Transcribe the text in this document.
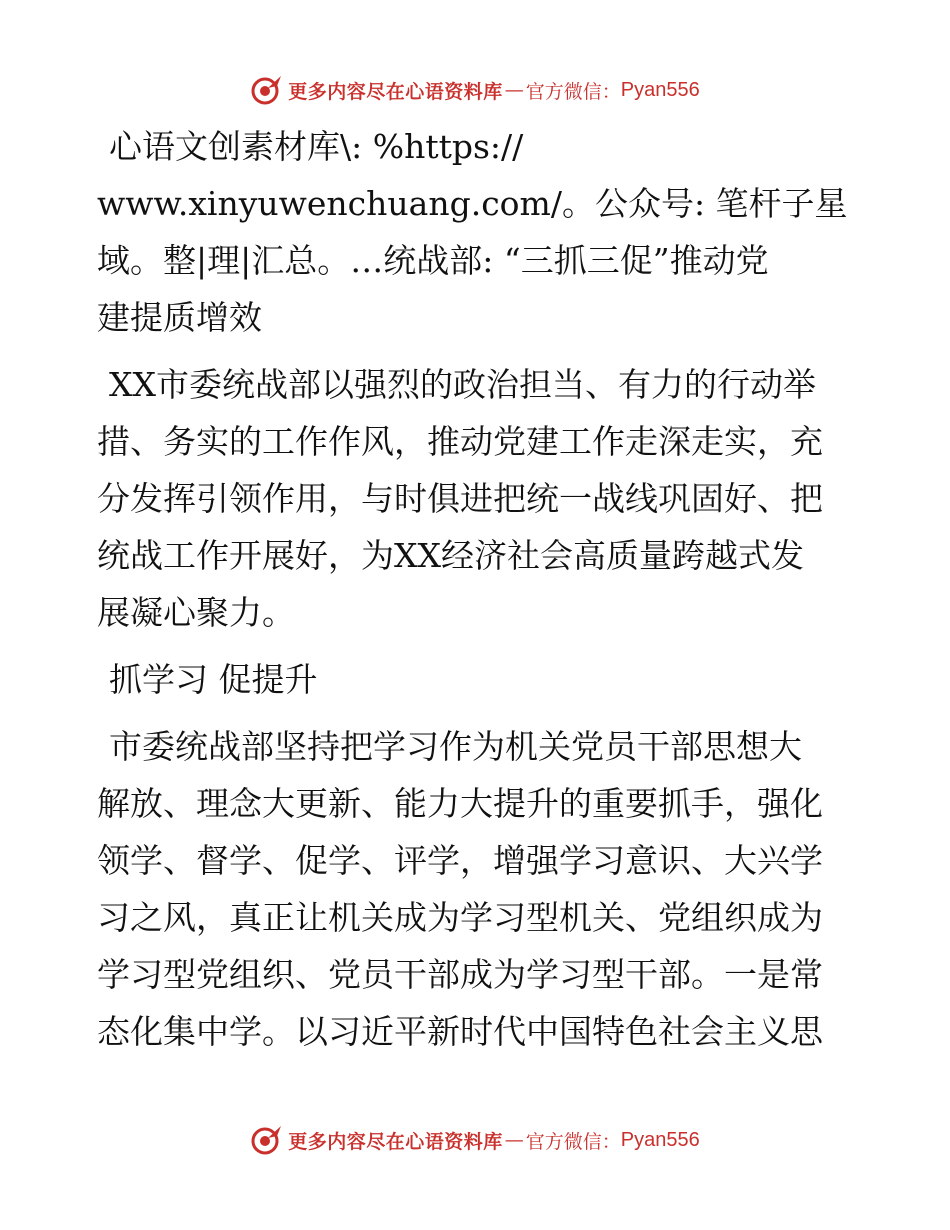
更多内容尽在心语资料库 — 官方微信： Pyan556
心语文创素材库\: %https://
www.xinyuwenchuang.com/。公众号: 笔杆子星
域。整|理|汇总。…统战部: “三抓三促”推动党
建提质增效
XX市委统战部以强烈的政治担当、有力的行动举
措、务实的工作作风，推动党建工作走深走实，充
分发挥引领作用，与时俱进把统一战线巩固好、把
统战工作开展好，为XX经济社会高质量跨越式发
展凝心聚力。
抓学习 促提升
市委统战部坚持把学习作为机关党员干部思想大
解放、理念大更新、能力大提升的重要抓手，强化
领学、督学、促学、评学，增强学习意识、大兴学
习之风，真正让机关成为学习型机关、党组织成为
学习型党组织、党员干部成为学习型干部。一是常
态化集中学。以习近平新时代中国特色社会主义思
更多内容尽在心语资料库 — 官方微信： Pyan556
